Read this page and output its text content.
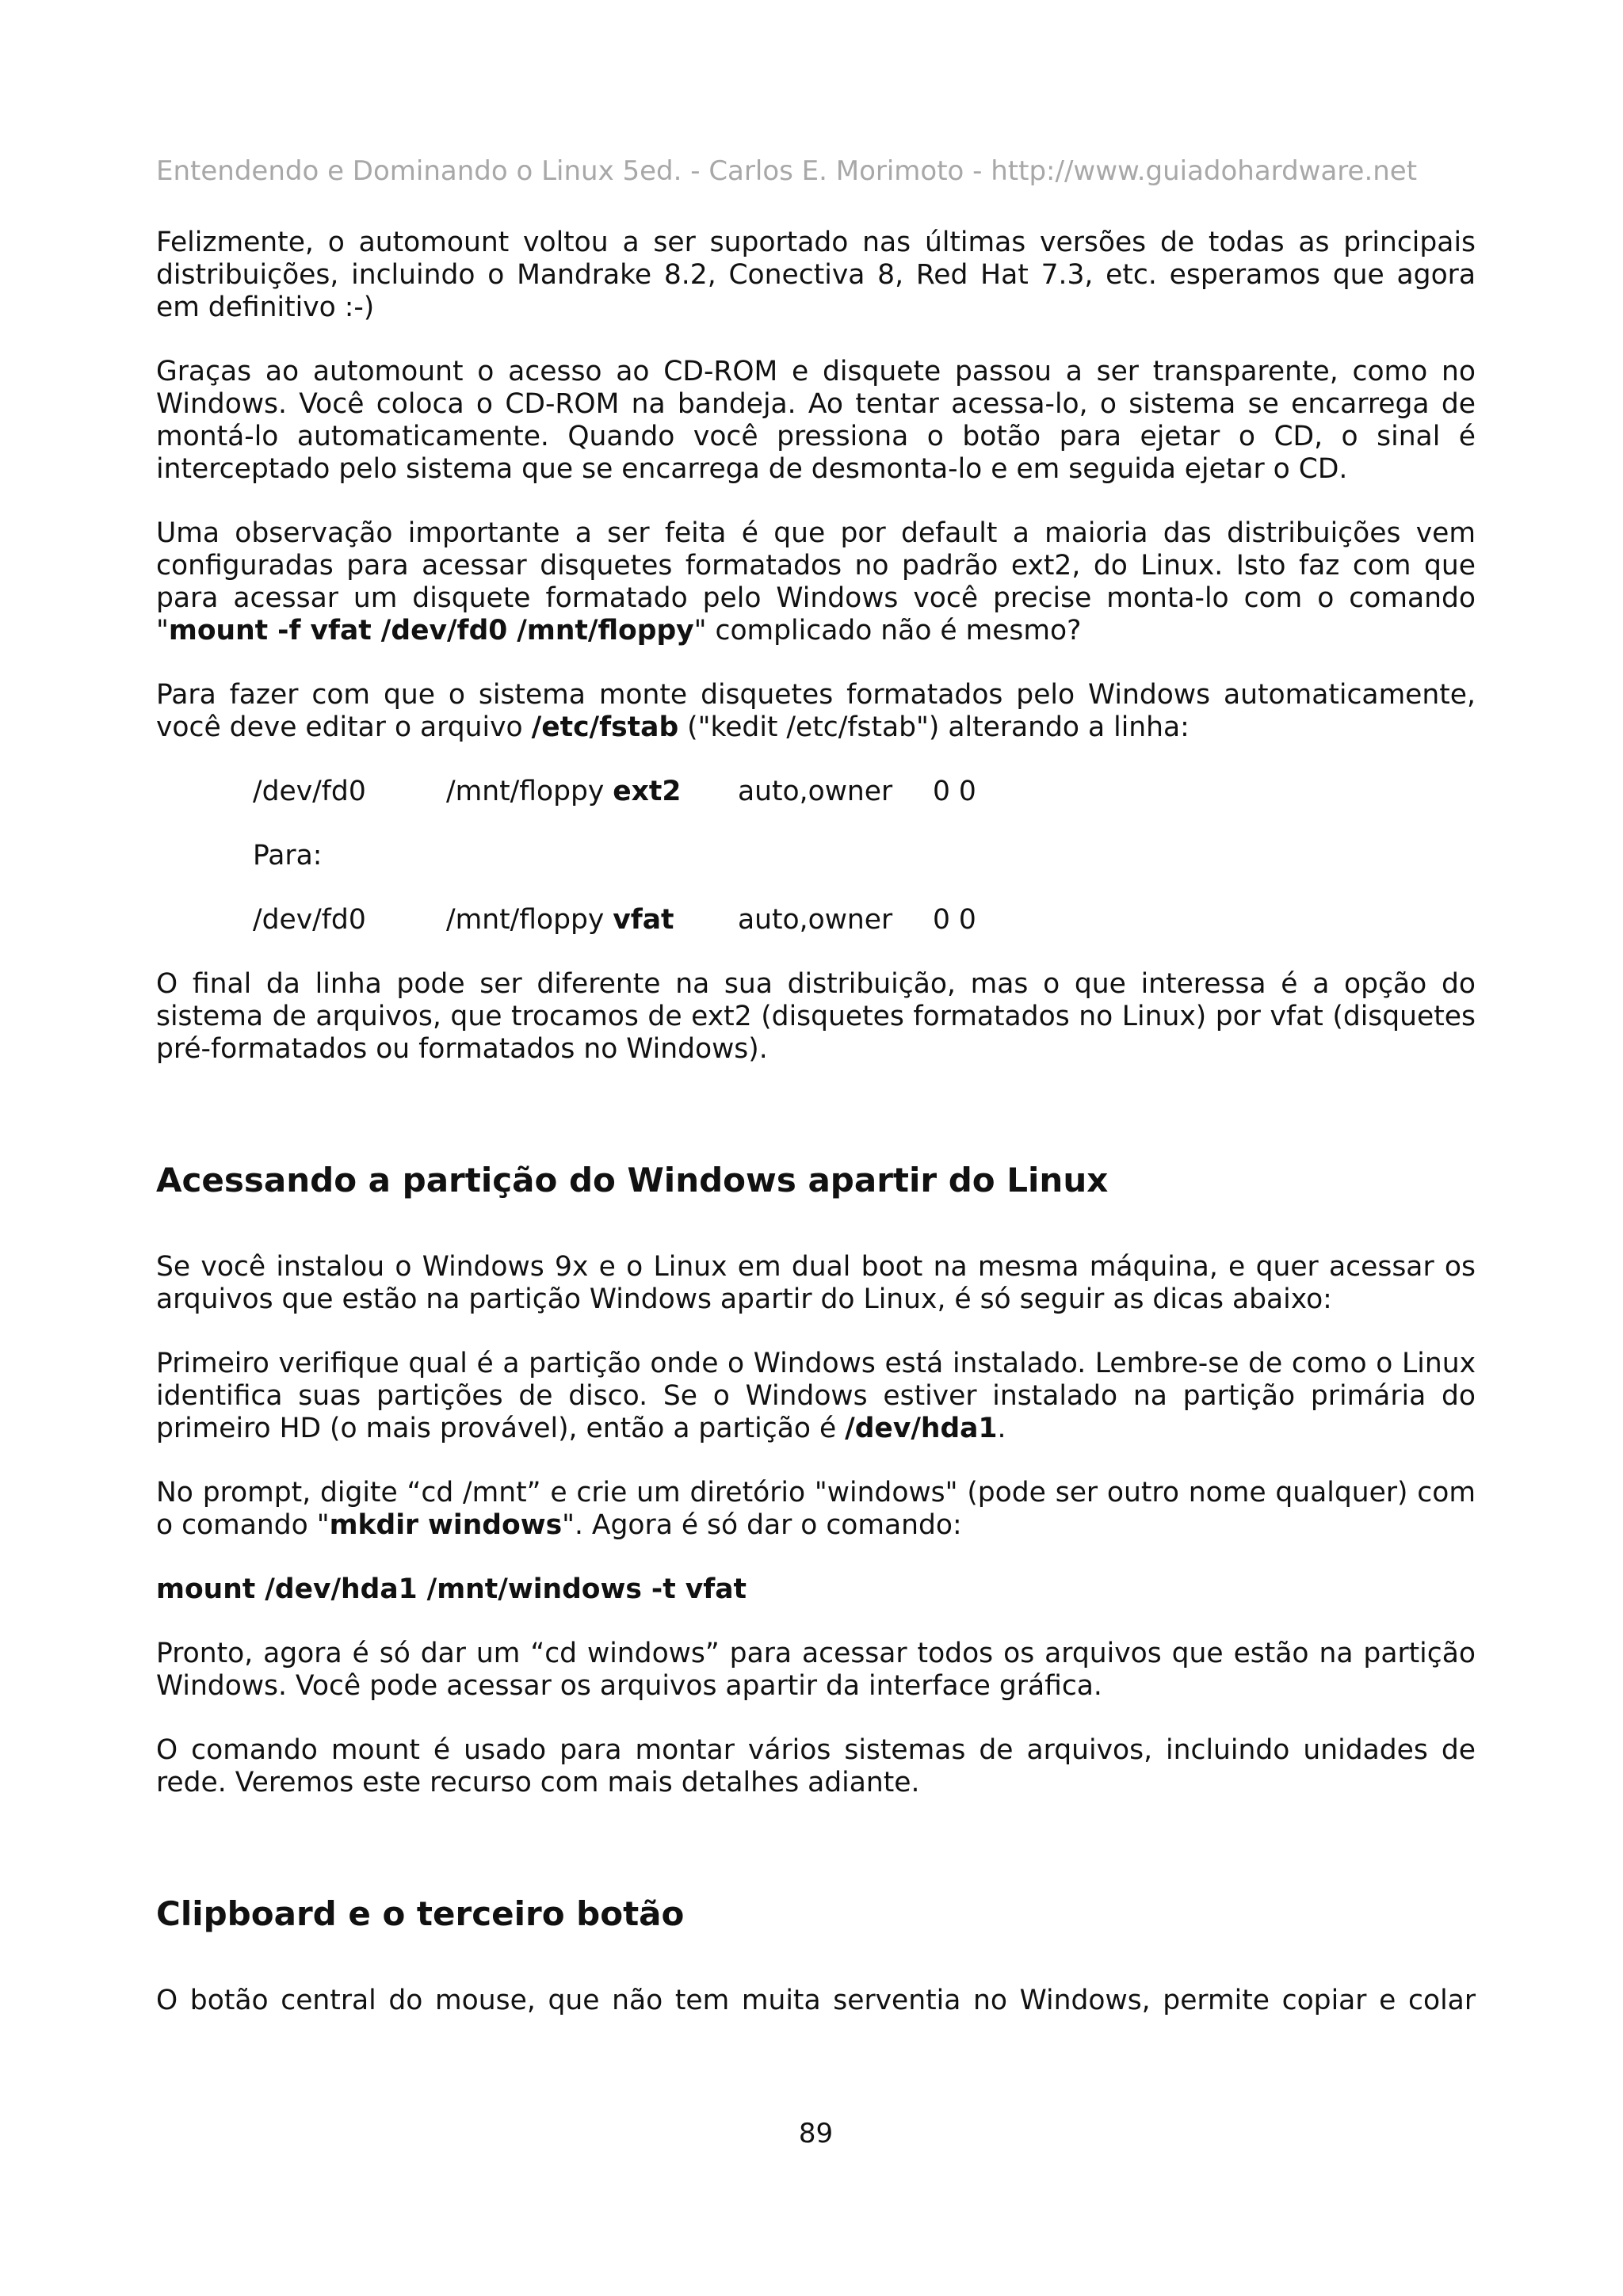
Entendendo e Dominando o Linux 5ed. - Carlos E. Morimoto - http://www.guiadohardware.net

Felizmente, o automount voltou a ser suportado nas últimas versões de todas as principais distribuições, incluindo o Mandrake 8.2, Conectiva 8, Red Hat 7.3, etc. esperamos que agora em definitivo :-)

Graças ao automount o acesso ao CD-ROM e disquete passou a ser transparente, como no Windows. Você coloca o CD-ROM na bandeja. Ao tentar acessa-lo, o sistema se encarrega de montá-lo automaticamente. Quando você pressiona o botão para ejetar o CD, o sinal é interceptado pelo sistema que se encarrega de desmonta-lo e em seguida ejetar o CD.

Uma observação importante a ser feita é que por default a maioria das distribuições vem configuradas para acessar disquetes formatados no padrão ext2, do Linux. Isto faz com que para acessar um disquete formatado pelo Windows você precise monta-lo com o comando "mount -f vfat /dev/fd0 /mnt/floppy" complicado não é mesmo?

Para fazer com que o sistema monte disquetes formatados pelo Windows automaticamente, você deve editar o arquivo /etc/fstab ("kedit /etc/fstab") alterando a linha:

/dev/fd0	/mnt/floppy ext2	auto,owner	0 0
Para:
/dev/fd0	/mnt/floppy vfat	auto,owner	0 0

O final da linha pode ser diferente na sua distribuição, mas o que interessa é a opção do sistema de arquivos, que trocamos de ext2 (disquetes formatados no Linux) por vfat (disquetes pré-formatados ou formatados no Windows).

Acessando a partição do Windows apartir do Linux

Se você instalou o Windows 9x e o Linux em dual boot na mesma máquina, e quer acessar os arquivos que estão na partição Windows apartir do Linux, é só seguir as dicas abaixo:

Primeiro verifique qual é a partição onde o Windows está instalado. Lembre-se de como o Linux identifica suas partições de disco. Se o Windows estiver instalado na partição primária do primeiro HD (o mais provável), então a partição é /dev/hda1.

No prompt, digite “cd /mnt” e crie um diretório "windows" (pode ser outro nome qualquer) com o comando "mkdir windows". Agora é só dar o comando:

mount /dev/hda1 /mnt/windows -t vfat

Pronto, agora é só dar um “cd windows” para acessar todos os arquivos que estão na partição Windows. Você pode acessar os arquivos apartir da interface gráfica.

O comando mount é usado para montar vários sistemas de arquivos, incluindo unidades de rede. Veremos este recurso com mais detalhes adiante.

Clipboard e o terceiro botão

O botão central do mouse, que não tem muita serventia no Windows, permite copiar e colar

89
